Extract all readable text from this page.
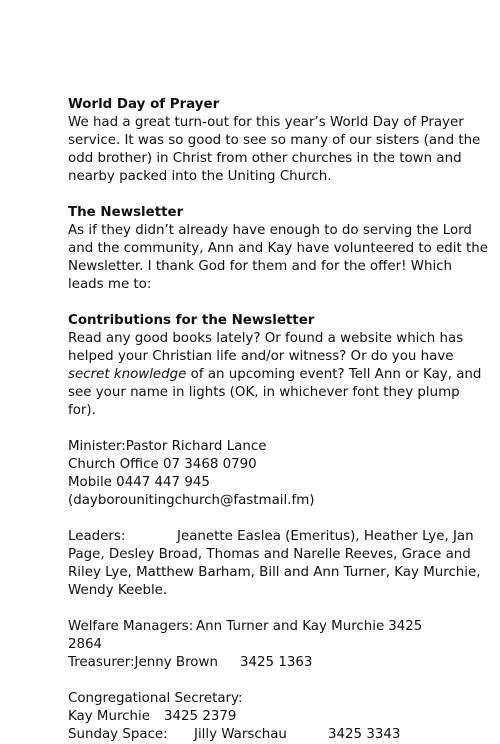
World Day of Prayer

We had a great turn-out for this year’s World Day of Prayer service. It was so good to see so many of our sisters (and the odd brother) in Christ from other churches in the town and nearby packed into the Uniting Church.

The Newsletter

As if they didn’t already have enough to do serving the Lord and the community, Ann and Kay have volunteered to edit the Newsletter. I thank God for them and for the offer! Which leads me to:

Contributions for the Newsletter

Read any good books lately? Or found a website which has helped your Christian life and/or witness? Or do you have secret knowledge of an upcoming event? Tell Ann or Kay, and see your name in lights (OK, in whichever font they plump for).

Minister:Pastor Richard Lance

Church Office 07 3468 0790

Mobile 0447 447 945

(dayborounitingchurch@fastmail.fm)

Leaders:	Jeanette Easlea (Emeritus), Heather Lye, Jan Page, Desley Broad, Thomas and Narelle Reeves, Grace and Riley Lye, Matthew Barham, Bill and Ann Turner, Kay Murchie, Wendy Keeble.

Welfare Managers: Ann Turner and Kay Murchie 3425

2864

Treasurer:Jenny Brown 3425 1363

Congregational Secretary:

Kay Murchie 3425 2379

Sunday Space: Jilly Warschau	3425 3343
